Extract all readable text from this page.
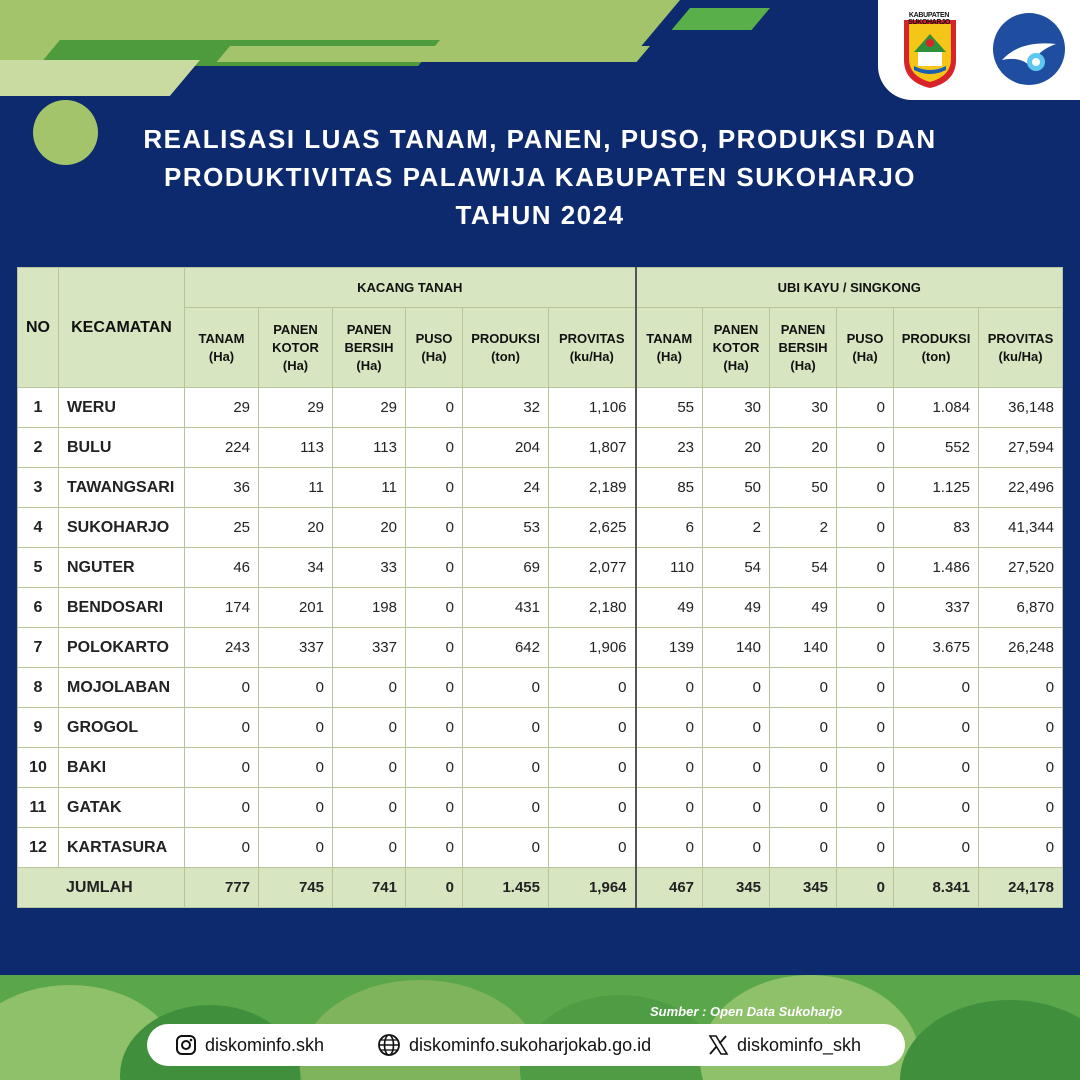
KABUPATEN SUKOHARJO
REALISASI LUAS TANAM, PANEN, PUSO, PRODUKSI DAN
PRODUKTIVITAS PALAWIJA KABUPATEN SUKOHARJO
TAHUN 2024
NO	KECAMATAN	KACANG TANAH						UBI KAYU / SINGKONG					
		TANAM (Ha)	PANEN KOTOR (Ha)	PANEN BERSIH (Ha)	PUSO (Ha)	PRODUKSI (ton)	PROVITAS (ku/Ha)	TANAM (Ha)	PANEN KOTOR (Ha)	PANEN BERSIH (Ha)	PUSO (Ha)	PRODUKSI (ton)	PROVITAS (ku/Ha)
1	WERU	29	29	29	0	32	1,106	55	30	30	0	1.084	36,148
2	BULU	224	113	113	0	204	1,807	23	20	20	0	552	27,594
3	TAWANGSARI	36	11	11	0	24	2,189	85	50	50	0	1.125	22,496
4	SUKOHARJO	25	20	20	0	53	2,625	6	2	2	0	83	41,344
5	NGUTER	46	34	33	0	69	2,077	110	54	54	0	1.486	27,520
6	BENDOSARI	174	201	198	0	431	2,180	49	49	49	0	337	6,870
7	POLOKARTO	243	337	337	0	642	1,906	139	140	140	0	3.675	26,248
8	MOJOLABAN	0	0	0	0	0	0	0	0	0	0	0	0
9	GROGOL	0	0	0	0	0	0	0	0	0	0	0	0
10	BAKI	0	0	0	0	0	0	0	0	0	0	0	0
11	GATAK	0	0	0	0	0	0	0	0	0	0	0	0
12	KARTASURA	0	0	0	0	0	0	0	0	0	0	0	0
JUMLAH		777	745	741	0	1.455	1,964	467	345	345	0	8.341	24,178
Sumber : Open Data Sukoharjo
diskominfo.skh	diskominfo.sukoharjokab.go.id	diskominfo_skh
